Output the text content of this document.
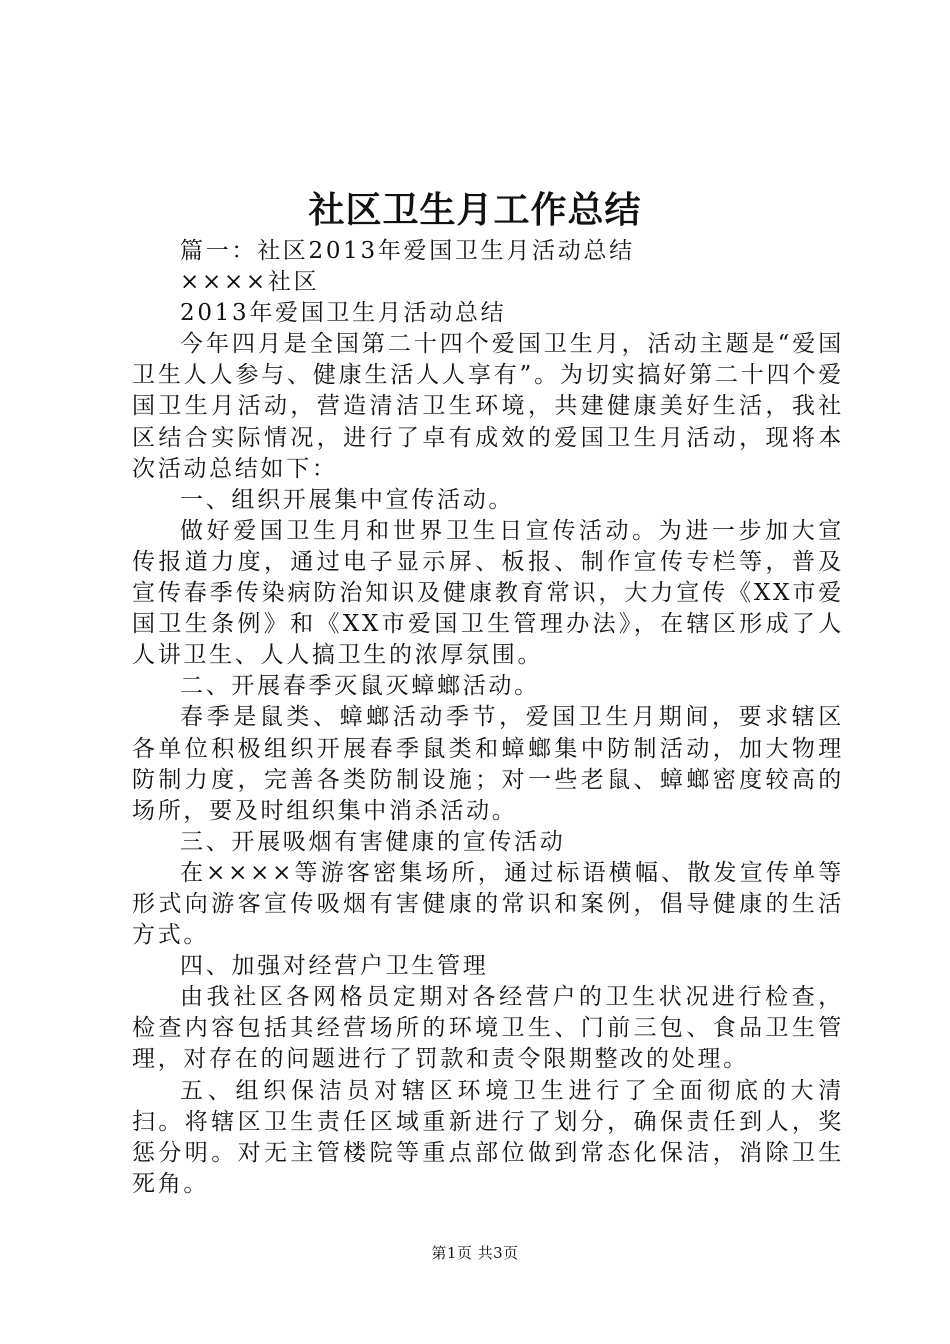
社区卫生月工作总结

篇一：社区2013年爱国卫生月活动总结

××××社区

2013年爱国卫生月活动总结

今年四月是全国第二十四个爱国卫生月，活动主题是“爱国卫生人人参与、健康生活人人享有”。为切实搞好第二十四个爱国卫生月活动，营造清洁卫生环境，共建健康美好生活，我社区结合实际情况，进行了卓有成效的爱国卫生月活动，现将本次活动总结如下：

一、组织开展集中宣传活动。

做好爱国卫生月和世界卫生日宣传活动。为进一步加大宣传报道力度，通过电子显示屏、板报、制作宣传专栏等，普及宣传春季传染病防治知识及健康教育常识，大力宣传《XX市爱国卫生条例》和《XX市爱国卫生管理办法》，在辖区形成了人人讲卫生、人人搞卫生的浓厚氛围。

二、开展春季灭鼠灭蟑螂活动。

春季是鼠类、蟑螂活动季节，爱国卫生月期间，要求辖区各单位积极组织开展春季鼠类和蟑螂集中防制活动，加大物理防制力度，完善各类防制设施；对一些老鼠、蟑螂密度较高的场所，要及时组织集中消杀活动。

三、开展吸烟有害健康的宣传活动

在××××等游客密集场所，通过标语横幅、散发宣传单等形式向游客宣传吸烟有害健康的常识和案例，倡导健康的生活方式。

四、加强对经营户卫生管理

由我社区各网格员定期对各经营户的卫生状况进行检查，检查内容包括其经营场所的环境卫生、门前三包、食品卫生管理，对存在的问题进行了罚款和责令限期整改的处理。

五、组织保洁员对辖区环境卫生进行了全面彻底的大清扫。将辖区卫生责任区域重新进行了划分，确保责任到人，奖惩分明。对无主管楼院等重点部位做到常态化保洁，消除卫生死角。

第1页 共3页
